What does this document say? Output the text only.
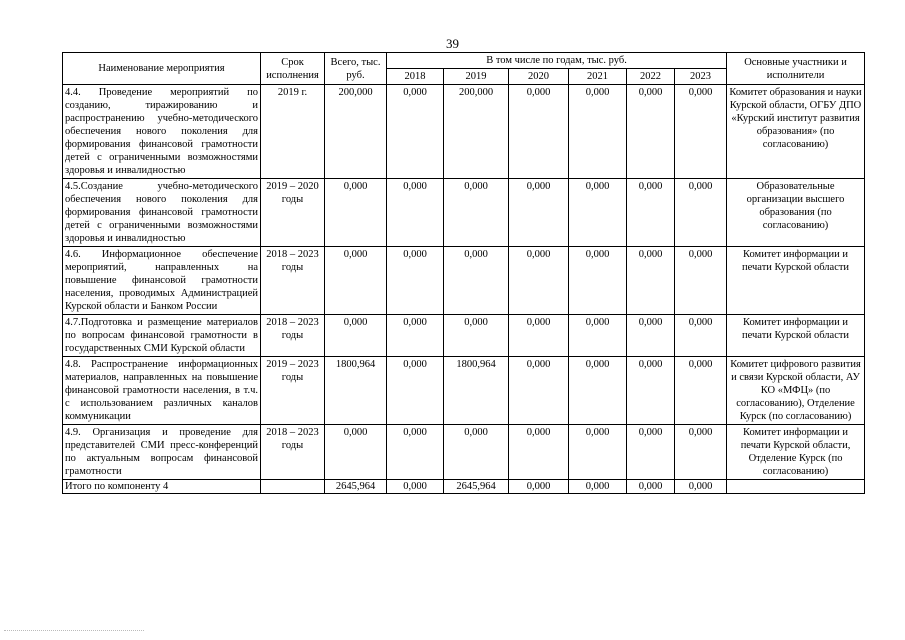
39
Наименование мероприятия	Срок исполнения	Всего, тыс. руб.	В том числе по годам, тыс. руб.						Основные участники и исполнители
			2018	2019	2020	2021	2022	2023	
4.4. Проведение мероприятий по созданию, тиражированию и распространению учебно-методического обеспечения нового поколения для формирования финансовой грамотности детей с ограниченными возможностями здоровья и инвалидностью	2019 г.	200,000	0,000	200,000	0,000	0,000	0,000	0,000	Комитет образования и науки Курской области, ОГБУ ДПО «Курский институт развития образования» (по согласованию)
4.5.Создание учебно-методического обеспечения нового поколения для формирования финансовой грамотности детей с ограниченными возможностями здоровья и инвалидностью	2019 – 2020 годы	0,000	0,000	0,000	0,000	0,000	0,000	0,000	Образовательные организации высшего образования (по согласованию)
4.6. Информационное обеспечение мероприятий, направленных на повышение финансовой грамотности населения, проводимых Администрацией Курской области и Банком России	2018 – 2023 годы	0,000	0,000	0,000	0,000	0,000	0,000	0,000	Комитет информации и печати Курской области
4.7.Подготовка и размещение материалов по вопросам финансовой грамотности в государственных СМИ Курской области	2018 – 2023 годы	0,000	0,000	0,000	0,000	0,000	0,000	0,000	Комитет информации и печати Курской области
4.8. Распространение информационных материалов, направленных на повышение финансовой грамотности населения, в т.ч. с использованием различных каналов коммуникации	2019 – 2023 годы	1800,964	0,000	1800,964	0,000	0,000	0,000	0,000	Комитет цифрового развития и связи Курской области, АУ КО «МФЦ» (по согласованию), Отделение Курск (по согласованию)
4.9. Организация и проведение для представителей СМИ пресс-конференций по актуальным вопросам финансовой грамотности	2018 – 2023 годы	0,000	0,000	0,000	0,000	0,000	0,000	0,000	Комитет информации и печати Курской области, Отделение Курск (по согласованию)
Итого по компоненту 4		2645,964	0,000	2645,964	0,000	0,000	0,000	0,000	
